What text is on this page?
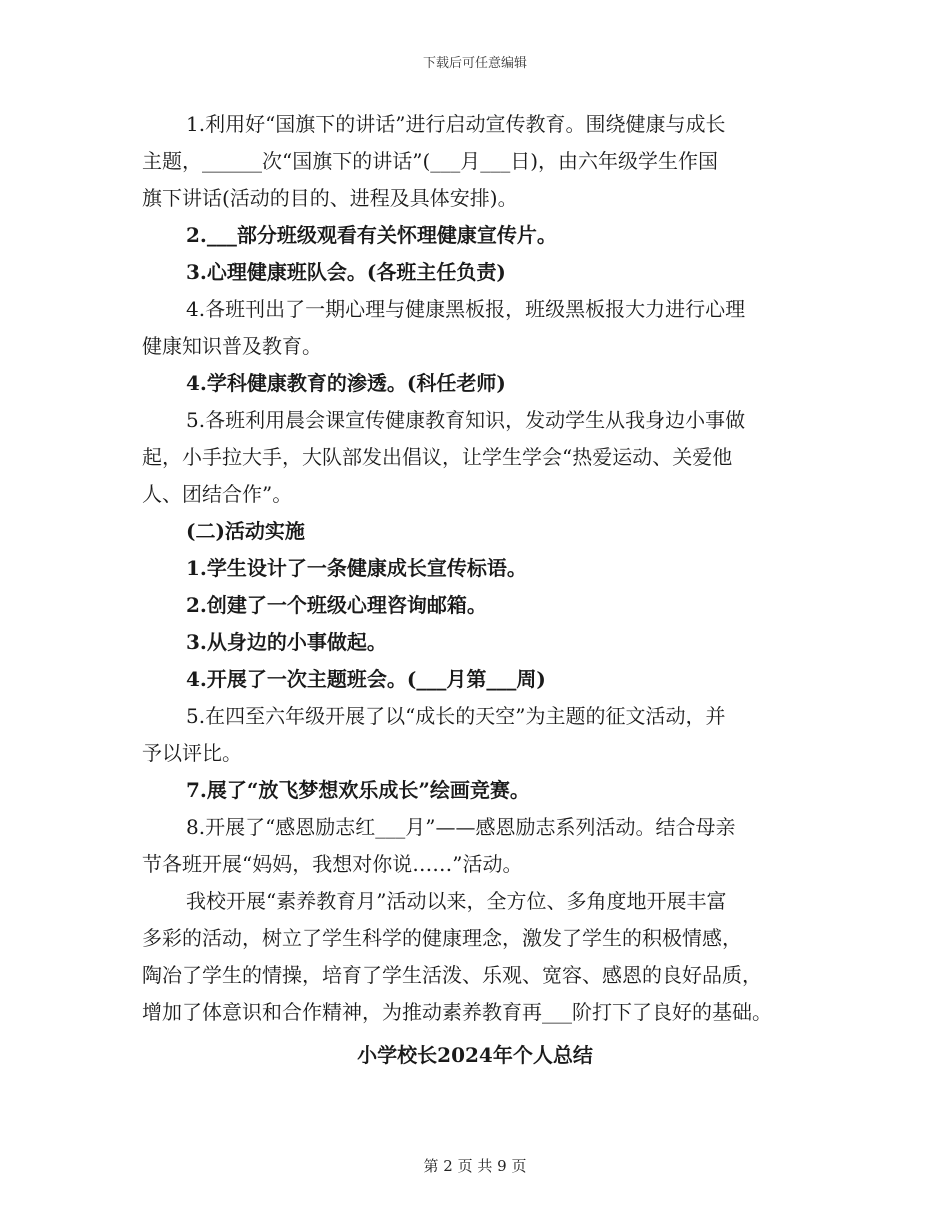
下载后可任意编辑

1.利用好“国旗下的讲话”进行启动宣传教育。围绕健康与成长

主题，______次“国旗下的讲话”(___月___日)，由六年级学生作国

旗下讲话(活动的目的、进程及具体安排)。

2.___部分班级观看有关怀理健康宣传片。

3.心理健康班队会。(各班主任负责)

4.各班刊出了一期心理与健康黑板报，班级黑板报大力进行心理

健康知识普及教育。

4.学科健康教育的渗透。(科任老师)

5.各班利用晨会课宣传健康教育知识，发动学生从我身边小事做

起，小手拉大手，大队部发出倡议，让学生学会“热爱运动、关爱他

人、团结合作”。

(二)活动实施

1.学生设计了一条健康成长宣传标语。

2.创建了一个班级心理咨询邮箱。

3.从身边的小事做起。

4.开展了一次主题班会。(___月第___周)

5.在四至六年级开展了以“成长的天空”为主题的征文活动，并

予以评比。

7.展了“放飞梦想欢乐成长”绘画竞赛。

8.开展了“感恩励志红___月”——感恩励志系列活动。结合母亲

节各班开展“妈妈，我想对你说……”活动。

我校开展“素养教育月”活动以来，全方位、多角度地开展丰富

多彩的活动，树立了学生科学的健康理念，激发了学生的积极情感，

陶冶了学生的情操，培育了学生活泼、乐观、宽容、感恩的良好品质，

增加了体意识和合作精神，为推动素养教育再___阶打下了良好的基础。

小学校长2024年个人总结
第 2 页 共 9 页
